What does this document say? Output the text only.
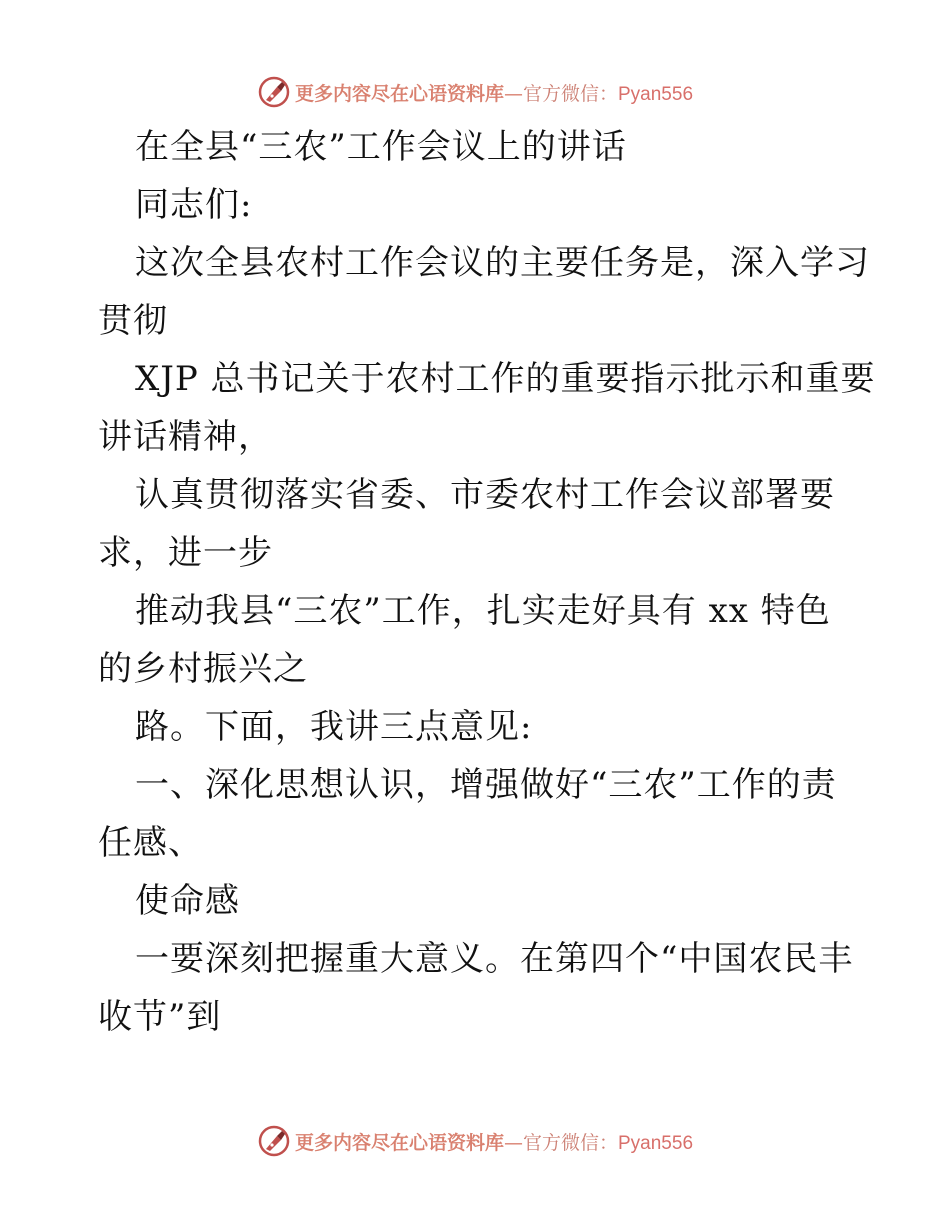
更多内容尽在心语资料库—官方微信：Pyan556
在全县“三农”工作会议上的讲话
同志们:
这次全县农村工作会议的主要任务是，深入学习
贯彻
XJP 总书记关于农村工作的重要指示批示和重要
讲话精神，
认真贯彻落实省委、市委农村工作会议部署要
求，进一步
推动我县“三农”工作，扎实走好具有 xx 特色
的乡村振兴之
路。下面，我讲三点意见:
一、深化思想认识，增强做好“三农”工作的责
任感、
使命感
一要深刻把握重大意义。在第四个“中国农民丰
收节”到
更多内容尽在心语资料库—官方微信：Pyan556
